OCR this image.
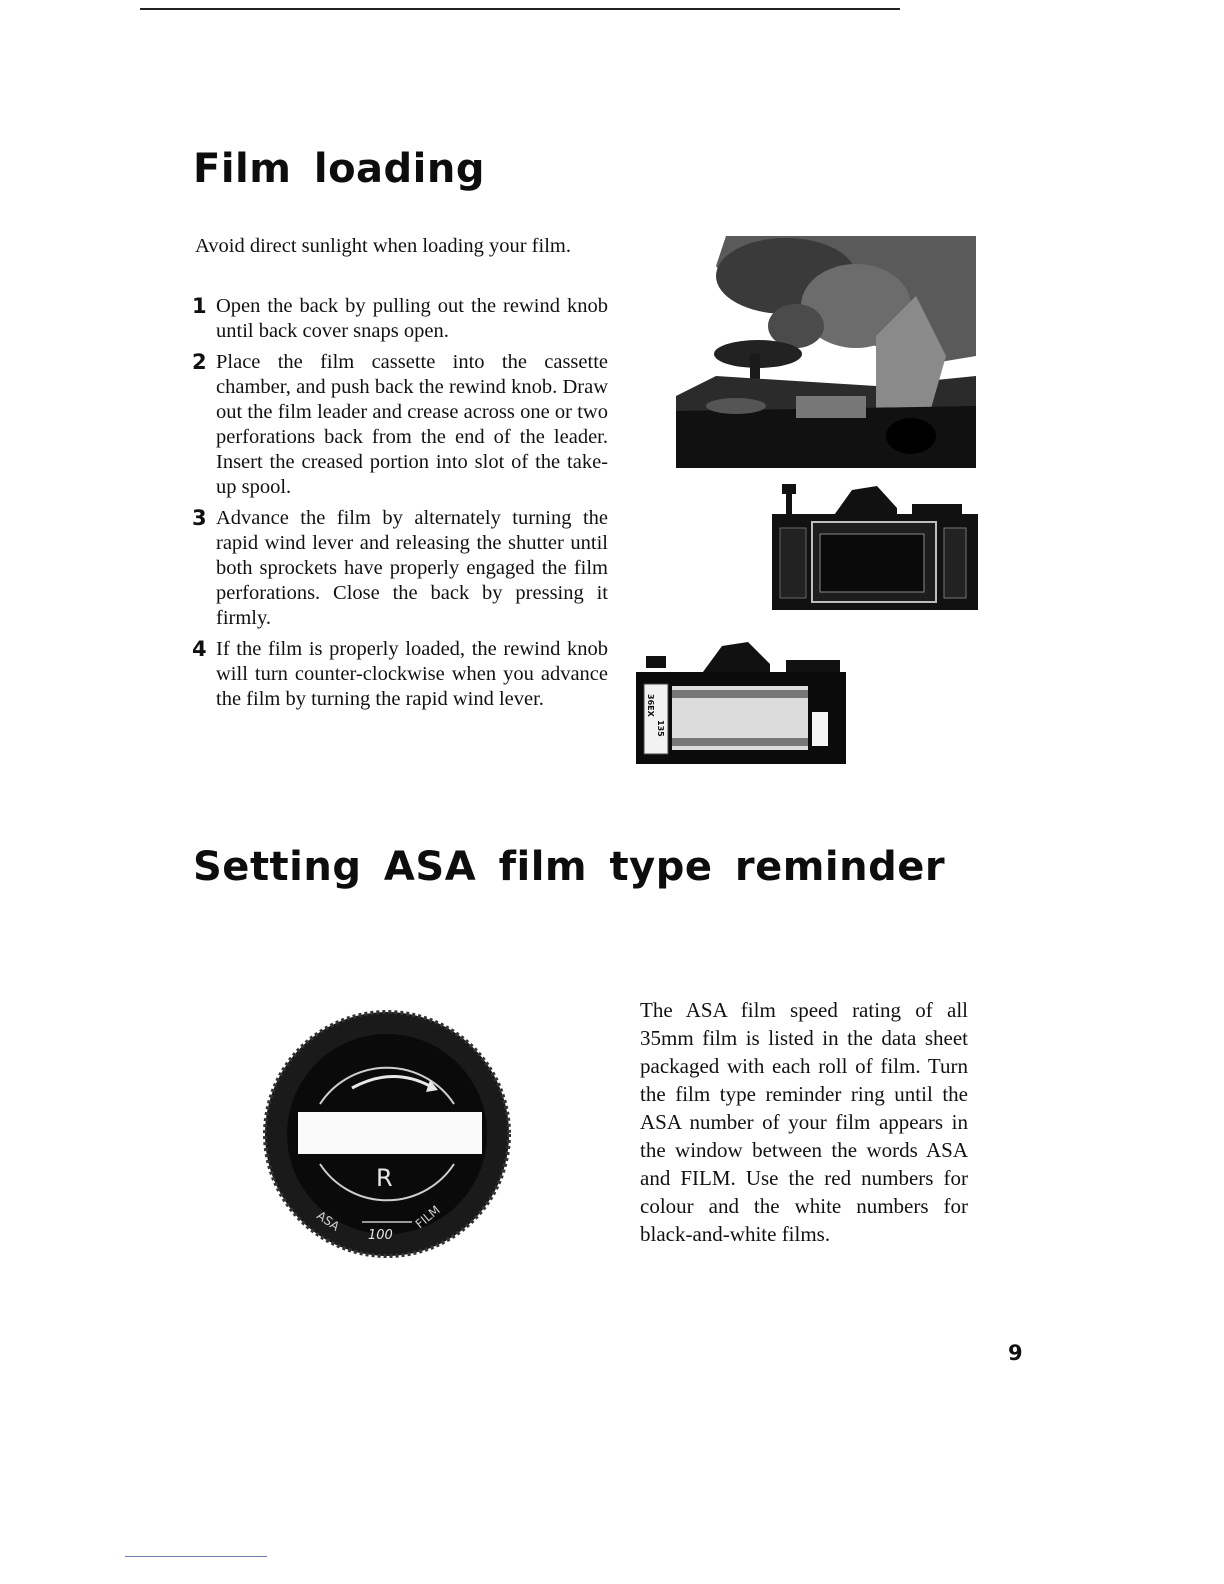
Film loading

Avoid direct sunlight when loading your film.

1 Open the back by pulling out the rewind knob until back cover snaps open.
2 Place the film cassette into the cassette chamber, and push back the rewind knob. Draw out the film leader and crease across one or two perforations back from the end of the leader. Insert the creased portion into slot of the take-up spool.
3 Advance the film by alternately turning the rapid wind lever and releasing the shutter until both sprockets have properly engaged the film perforations. Close the back by pressing it firmly.
4 If the film is properly loaded, the rewind knob will turn counter-clockwise when you advance the film by turning the rapid wind lever.	36EX
135
Setting ASA film type reminder
R
ASA
100
FILM

The ASA film speed rating of all 35mm film is listed in the data sheet packaged with each roll of film. Turn the film type reminder ring until the ASA number of your film appears in the window between the words ASA and FILM. Use the red numbers for colour and the white numbers for black-and-white films.

9
